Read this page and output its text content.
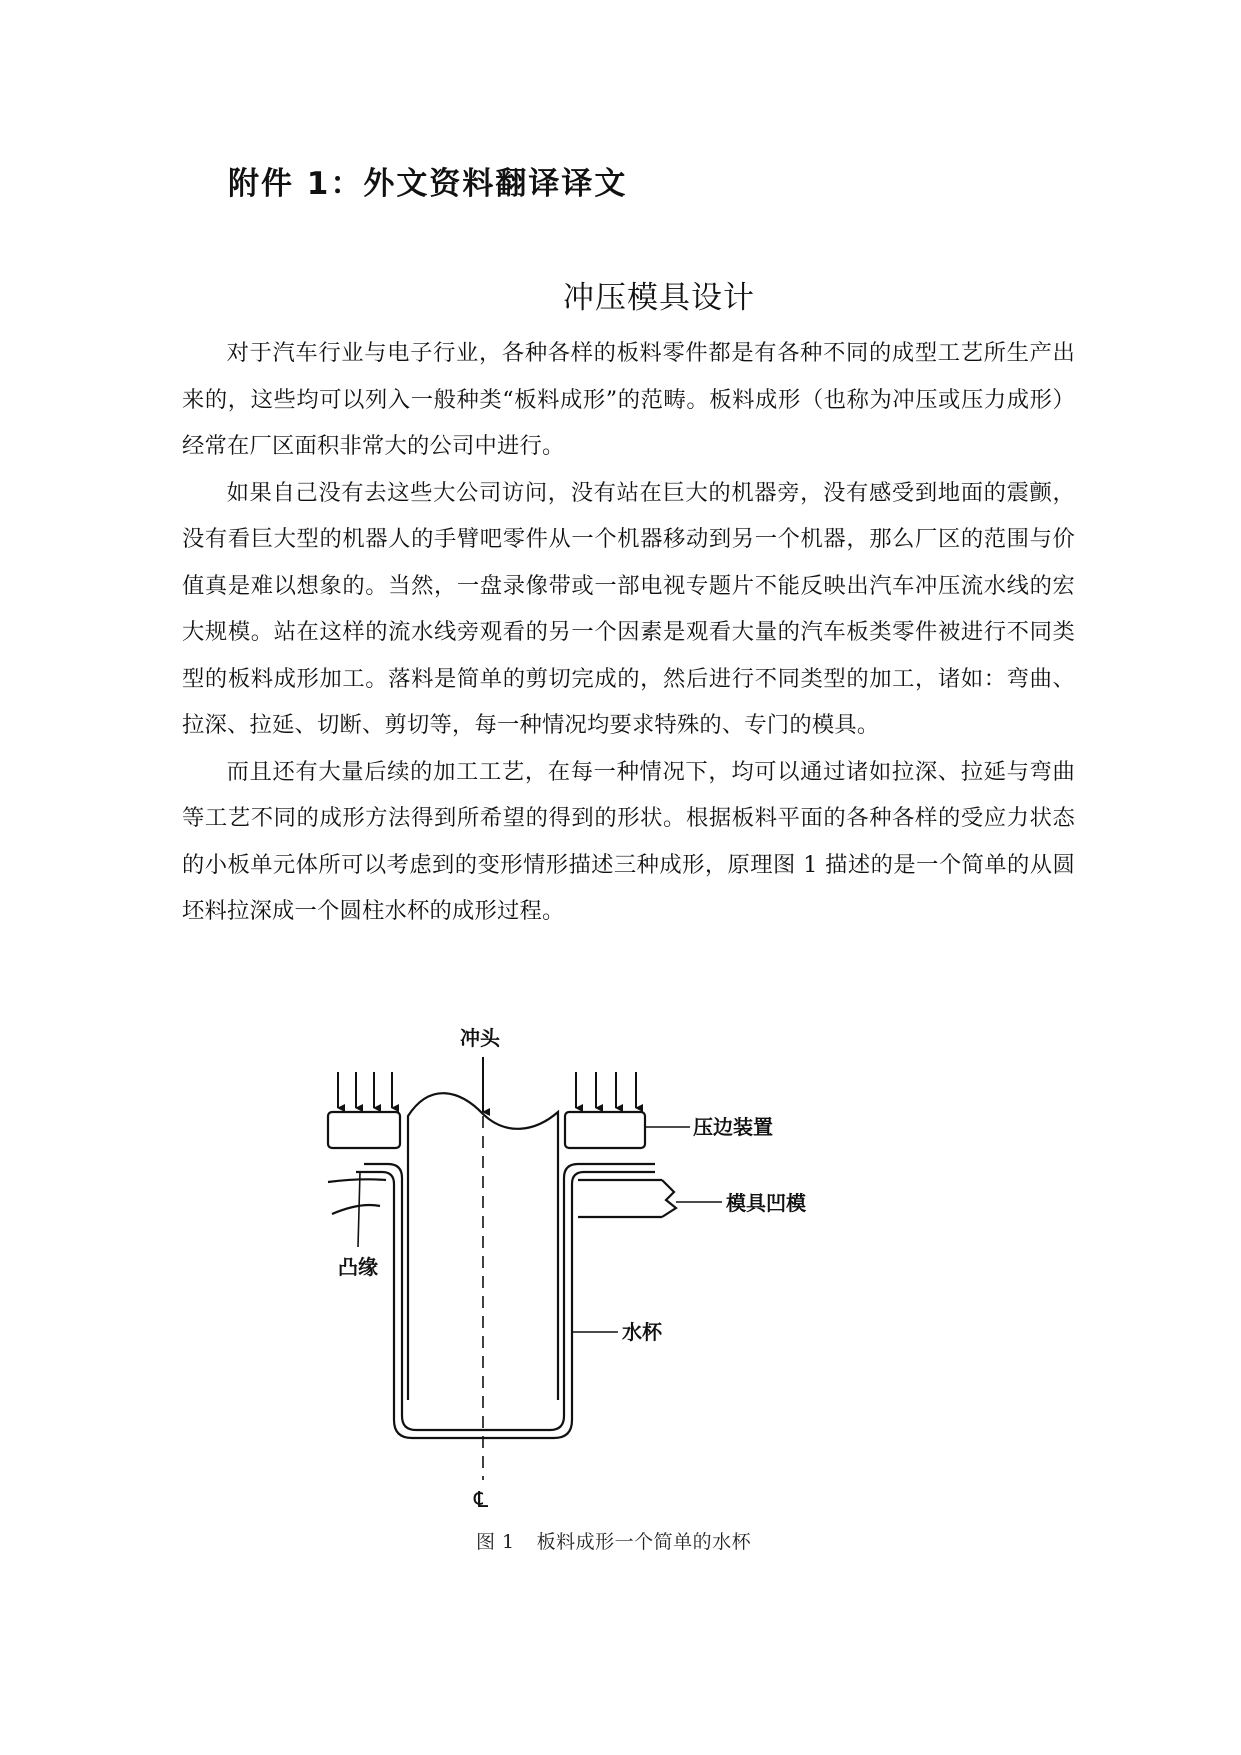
附件 1：外文资料翻译译文
冲压模具设计

对于汽车行业与电子行业，各种各样的板料零件都是有各种不同的成型工艺所生产出来的，这些均可以列入一般种类“板料成形”的范畴。板料成形（也称为冲压或压力成形）经常在厂区面积非常大的公司中进行。

如果自己没有去这些大公司访问，没有站在巨大的机器旁，没有感受到地面的震颤，没有看巨大型的机器人的手臂吧零件从一个机器移动到另一个机器，那么厂区的范围与价值真是难以想象的。当然，一盘录像带或一部电视专题片不能反映出汽车冲压流水线的宏大规模。站在这样的流水线旁观看的另一个因素是观看大量的汽车板类零件被进行不同类型的板料成形加工。落料是简单的剪切完成的，然后进行不同类型的加工，诸如：弯曲、拉深、拉延、切断、剪切等，每一种情况均要求特殊的、专门的模具。

而且还有大量后续的加工工艺，在每一种情况下，均可以通过诸如拉深、拉延与弯曲等工艺不同的成形方法得到所希望的得到的形状。根据板料平面的各种各样的受应力状态的小板单元体所可以考虑到的变形情形描述三种成形，原理图 1 描述的是一个简单的从圆坯料拉深成一个圆柱水杯的成形过程。

冲头
℄
压边装置
模具凹模
凸缘
水杯
图 1 板料成形一个简单的水杯
